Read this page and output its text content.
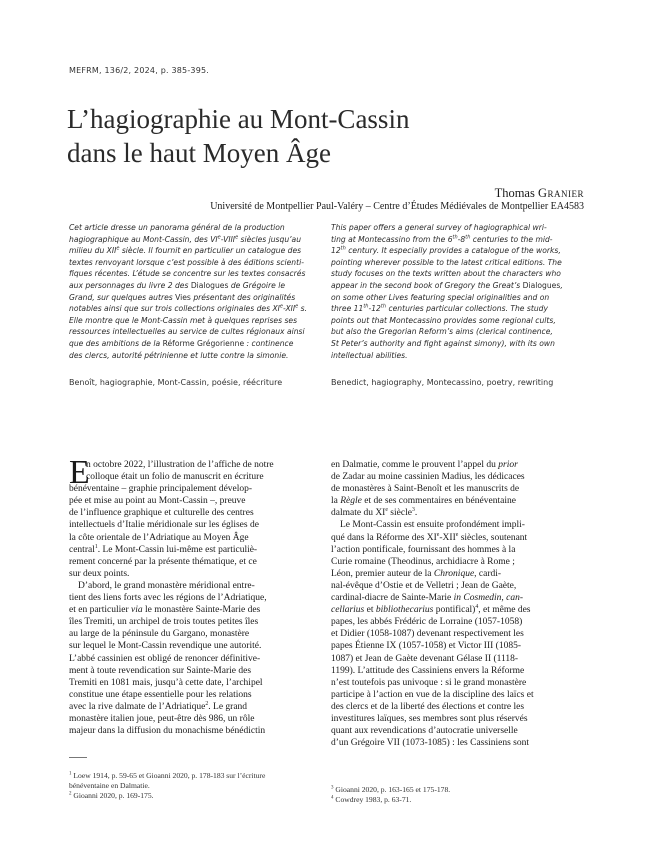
MEFRM, 136/2, 2024, p. 385-395.
L’hagiographie au Mont-Cassin
dans le haut Moyen Âge
Thomas Granier
Université de Montpellier Paul-Valéry – Centre d’Études Médiévales de Montpellier EA4583
Cet article dresse un panorama général de la production
hagiographique au Mont-Cassin, des VIe-VIIIe siècles jusqu’au
milieu du XIIe siècle. Il fournit en particulier un catalogue des
textes renvoyant lorsque c’est possible à des éditions scienti-
fiques récentes. L’étude se concentre sur les textes consacrés
aux personnages du livre 2 des Dialogues de Grégoire le
Grand, sur quelques autres Vies présentant des originalités
notables ainsi que sur trois collections originales des XIe-XIIe s.
Elle montre que le Mont-Cassin met à quelques reprises ses
ressources intellectuelles au service de cultes régionaux ainsi
que des ambitions de la Réforme Grégorienne : continence
des clercs, autorité pétrinienne et lutte contre la simonie.
This paper offers a general survey of hagiographical wri-
ting at Montecassino from the 6th-8th centuries to the mid-
12th century. It especially provides a catalogue of the works,
pointing wherever possible to the latest critical editions. The
study focuses on the texts written about the characters who
appear in the second book of Gregory the Great’s Dialogues,
on some other Lives featuring special originalities and on
three 11th-12th centuries particular collections. The study
points out that Montecassino provides some regional cults,
but also the Gregorian Reform’s aims (clerical continence,
St Peter’s authority and fight against simony), with its own
intellectual abilities.
Benoît, hagiographie, Mont-Cassin, poésie, réécriture	Benedict, hagiography, Montecassino, poetry, rewriting
E
n octobre 2022, l’illustration de l’affiche de notre
colloque était un folio de manuscrit en écriture
bénéventaine – graphie principalement dévelop-
pée et mise au point au Mont-Cassin –, preuve
de l’influence graphique et culturelle des centres
intellectuels d’Italie méridionale sur les églises de
la côte orientale de l’Adriatique au Moyen Âge
central$^1$. Le Mont-Cassin lui-même est particuliè-
rement concerné par la présente thématique, et ce
sur deux points.
D’abord, le grand monastère méridional entre-
tient des liens forts avec les régions de l’Adriatique,
et en particulier via le monastère Sainte-Marie des
îles Tremiti, un archipel de trois toutes petites îles
au large de la péninsule du Gargano, monastère
sur lequel le Mont-Cassin revendique une autorité.
L’abbé cassinien est obligé de renoncer définitive-
ment à toute revendication sur Sainte-Marie des
Tremiti en 1081 mais, jusqu’à cette date, l’archipel
constitue une étape essentielle pour les relations
avec la rive dalmate de l’Adriatique$^2$. Le grand
monastère italien joue, peut-être dès 986, un rôle
majeur dans la diffusion du monachisme bénédictin
en Dalmatie, comme le prouvent l’appel du prior
de Zadar au moine cassinien Madius, les dédicaces
de monastères à Saint-Benoît et les manuscrits de
la Règle et de ses commentaires en bénéventaine
dalmate du XIe siècle$^3$.
Le Mont-Cassin est ensuite profondément impli-
qué dans la Réforme des XIe-XIIe siècles, soutenant
l’action pontificale, fournissant des hommes à la
Curie romaine (Theodinus, archidiacre à Rome ;
Léon, premier auteur de la Chronique, cardi-
nal-évêque d’Ostie et de Velletri ; Jean de Gaète,
cardinal-diacre de Sainte-Marie in Cosmedin, can-
cellarius et bibliothecarius pontifical)$^4$, et même des
papes, les abbés Frédéric de Lorraine (1057-1058)
et Didier (1058-1087) devenant respectivement les
papes Étienne IX (1057-1058) et Victor III (1085-
1087) et Jean de Gaète devenant Gélase II (1118-
1199). L’attitude des Cassiniens envers la Réforme
n’est toutefois pas univoque : si le grand monastère
participe à l’action en vue de la discipline des laïcs et
des clercs et de la liberté des élections et contre les
investitures laïques, ses membres sont plus réservés
quant aux revendications d’autocratie universelle
d’un Grégoire VII (1073-1085) : les Cassiniens sont
$^1$ Loew 1914, p. 59-65 et Gioanni 2020, p. 178-183 sur l’écriture
bénéventaine en Dalmatie.
$^2$ Gioanni 2020, p. 169-175.
$^3$ Gioanni 2020, p. 163-165 et 175-178.
$^4$ Cowdrey 1983, p. 63-71.
